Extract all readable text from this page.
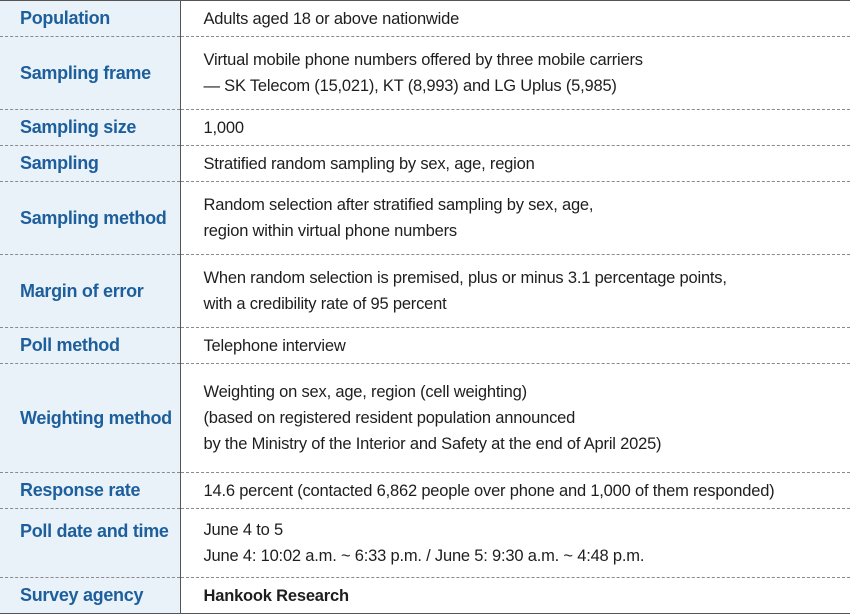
Population	Adults aged 18 or above nationwide

Sampling frame	Virtual mobile phone numbers offered by three mobile carriers
— SK Telecom (15,021), KT (8,993) and LG Uplus (5,985)

Sampling size	1,000

Sampling	Stratified random sampling by sex, age, region

Sampling method	Random selection after stratified sampling by sex, age,
region within virtual phone numbers

Margin of error	When random selection is premised, plus or minus 3.1 percentage points,
with a credibility rate of 95 percent

Poll method	Telephone interview

Weighting method	Weighting on sex, age, region (cell weighting)
(based on registered resident population announced
by the Ministry of the Interior and Safety at the end of April 2025)

Response rate	14.6 percent (contacted 6,862 people over phone and 1,000 of them responded)

Poll date and time	June 4 to 5
June 4: 10:02 a.m. ~ 6:33 p.m. / June 5: 9:30 a.m. ~ 4:48 p.m.

Survey agency	Hankook Research
